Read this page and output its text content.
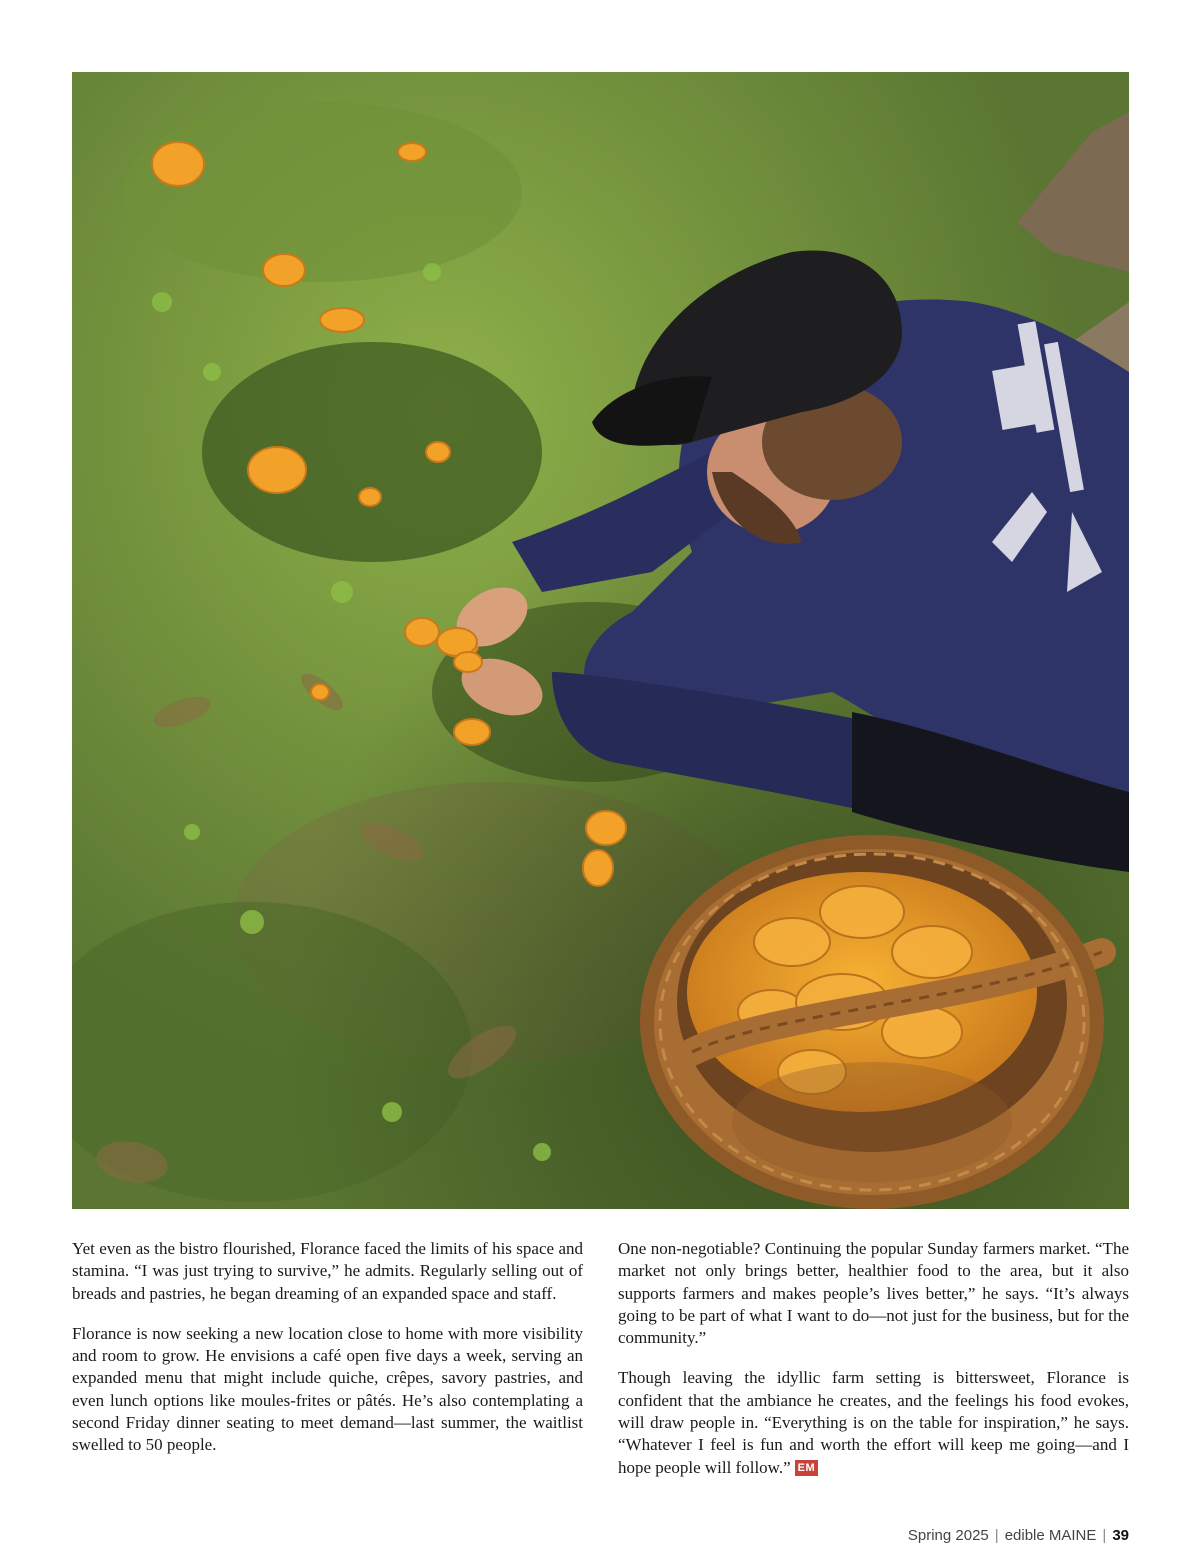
Yet even as the bistro flourished, Florance faced the limits of his space and stamina. “I was just trying to survive,” he admits. Regularly selling out of breads and pastries, he began dreaming of an expanded space and staff.

Florance is now seeking a new location close to home with more visibility and room to grow. He envisions a café open five days a week, serving an expanded menu that might include quiche, crêpes, savory pastries, and even lunch options like moules-frites or pâtés. He’s also contemplating a second Friday dinner seating to meet demand—last summer, the waitlist swelled to 50 people.

One non-negotiable? Continuing the popular Sunday farmers market. “The market not only brings better, healthier food to the area, but it also supports farmers and makes people’s lives better,” he says. “It’s always going to be part of what I want to do—not just for the business, but for the community.”

Though leaving the idyllic farm setting is bittersweet, Florance is confident that the ambiance he creates, and the feelings his food evokes, will draw people in. “Everything is on the table for inspiration,” he says. “Whatever I feel is fun and worth the effort will keep me going—and I hope people will follow.” EM

Spring 2025 | edible MAINE | 39
